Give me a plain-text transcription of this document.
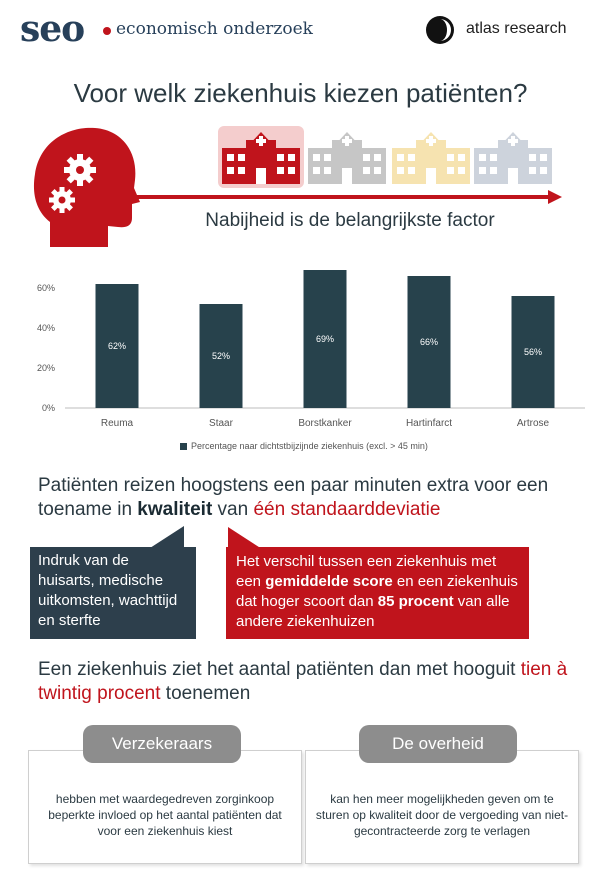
seo economisch onderzoek	atlas research
Voor welk ziekenhuis kiezen patiënten?
Nabijheid is de belangrijkste factor
0%
20%
40%
60%
62%
Reuma
52%
Staar
69%
Borstkanker
66%
Hartinfarct
56%
Artrose
Percentage naar dichtstbijzijnde ziekenhuis (excl. > 45 min)
Patiënten reizen hoogstens een paar minuten extra voor een toename in kwaliteit van één standaarddeviatie
Indruk van de huisarts, medische uitkomsten, wachttijd en sterfte
Het verschil tussen een ziekenhuis met een gemiddelde score en een ziekenhuis dat hoger scoort dan 85 procent van alle andere ziekenhuizen
Een ziekenhuis ziet het aantal patiënten dan met hooguit tien à twintig procent toenemen
hebben met waardegedreven zorginkoop beperkte invloed op het aantal patiënten dat voor een ziekenhuis kiest
Verzekeraars
kan hen meer mogelijkheden geven om te sturen op kwaliteit door de vergoeding van niet-gecontracteerde zorg te verlagen
De overheid
